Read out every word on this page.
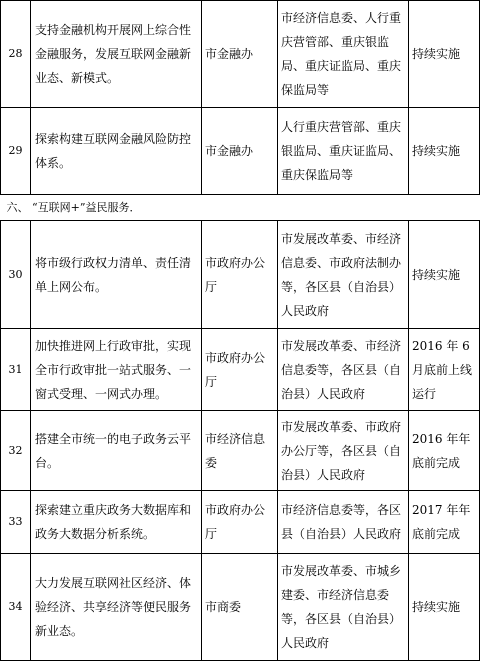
28	支持金融机构开展网上综合性金融服务，发展互联网金融新业态、新模式。	市金融办	市经济信息委、人行重庆营管部、重庆银监局、重庆证监局、重庆保监局等	持续实施
29	探索构建互联网金融风险防控体系。	市金融办	人行重庆营管部、重庆银监局、重庆证监局、重庆保监局等	持续实施
六、 “互联网+”益民服务．				
30	将市级行政权力清单、责任清单上网公布。	市政府办公厅	市发展改革委、市经济信息委、市政府法制办等，各区县（自治县）人民政府	持续实施
31	加快推进网上行政审批，实现全市行政审批一站式服务、一窗式受理、一网式办理。	市政府办公厅	市发展改革委、市经济信息委等，各区县（自治县）人民政府	2016 年 6 月底前上线运行
32	搭建全市统一的电子政务云平台。	市经济信息委	市发展改革委、市政府办公厅等，各区县（自治县）人民政府	2016 年年底前完成
33	探索建立重庆政务大数据库和政务大数据分析系统。	市政府办公厅	市经济信息委等，各区县（自治县）人民政府	2017 年年底前完成
34	大力发展互联网社区经济、体验经济、共享经济等便民服务新业态。	市商委	市发展改革委、市城乡建委、市经济信息委等，各区县（自治县）人民政府	持续实施
